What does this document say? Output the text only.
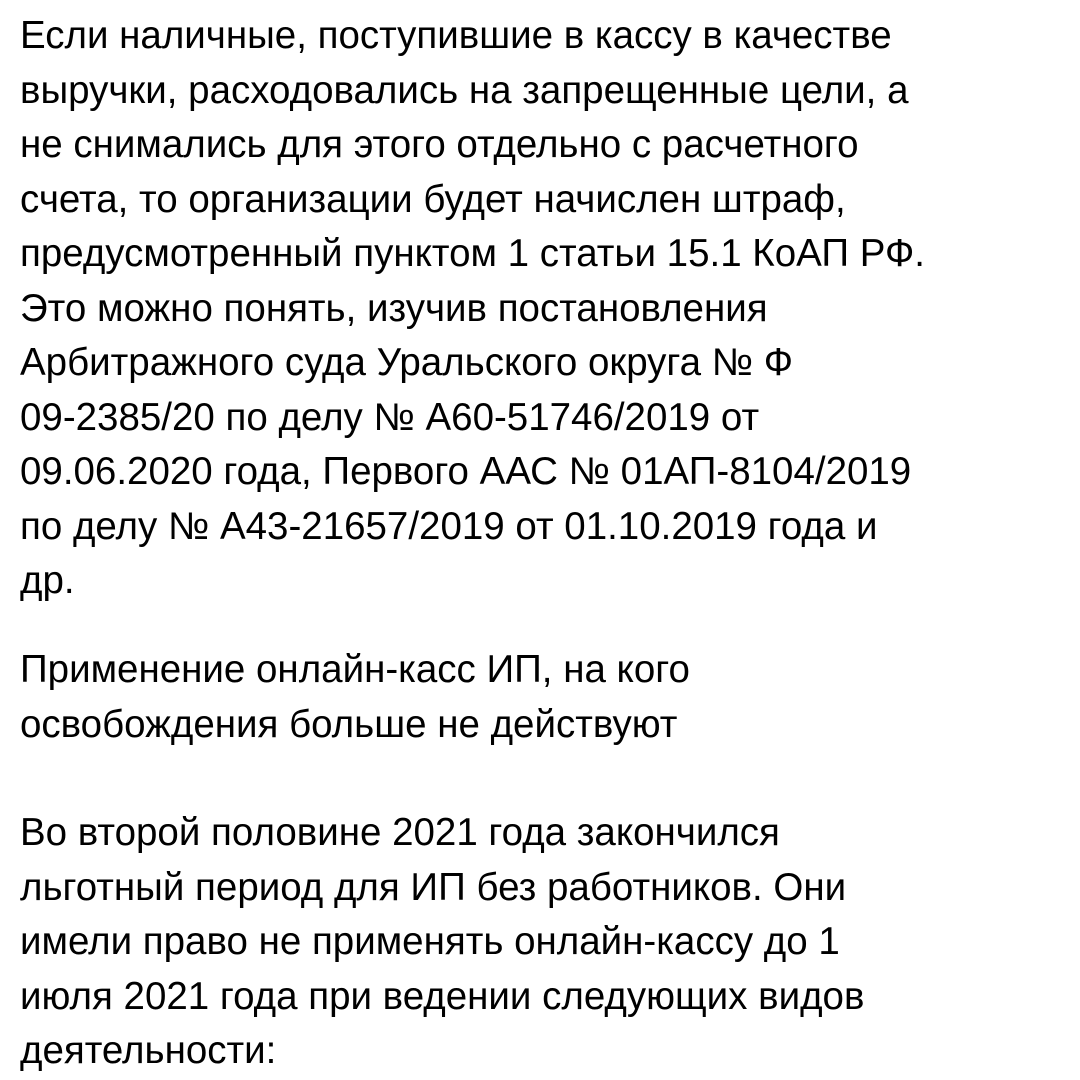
Если наличные, поступившие в кассу в качестве
выручки, расходовались на запрещенные цели, а
не снимались для этого отдельно с расчетного
счета, то организации будет начислен штраф,
предусмотренный пунктом 1 статьи 15.1 КоАП РФ.
Это можно понять, изучив постановления
Арбитражного суда Уральского округа № Ф
09-2385/20 по делу № А60-51746/2019 от
09.06.2020 года, Первого ААС № 01АП-8104/2019
по делу № А43-21657/2019 от 01.10.2019 года и
др.
Применение онлайн-касс ИП, на кого
освобождения больше не действуют
Во второй половине 2021 года закончился
льготный период для ИП без работников. Они
имели право не применять онлайн-кассу до 1
июля 2021 года при ведении следующих видов
деятельности:
